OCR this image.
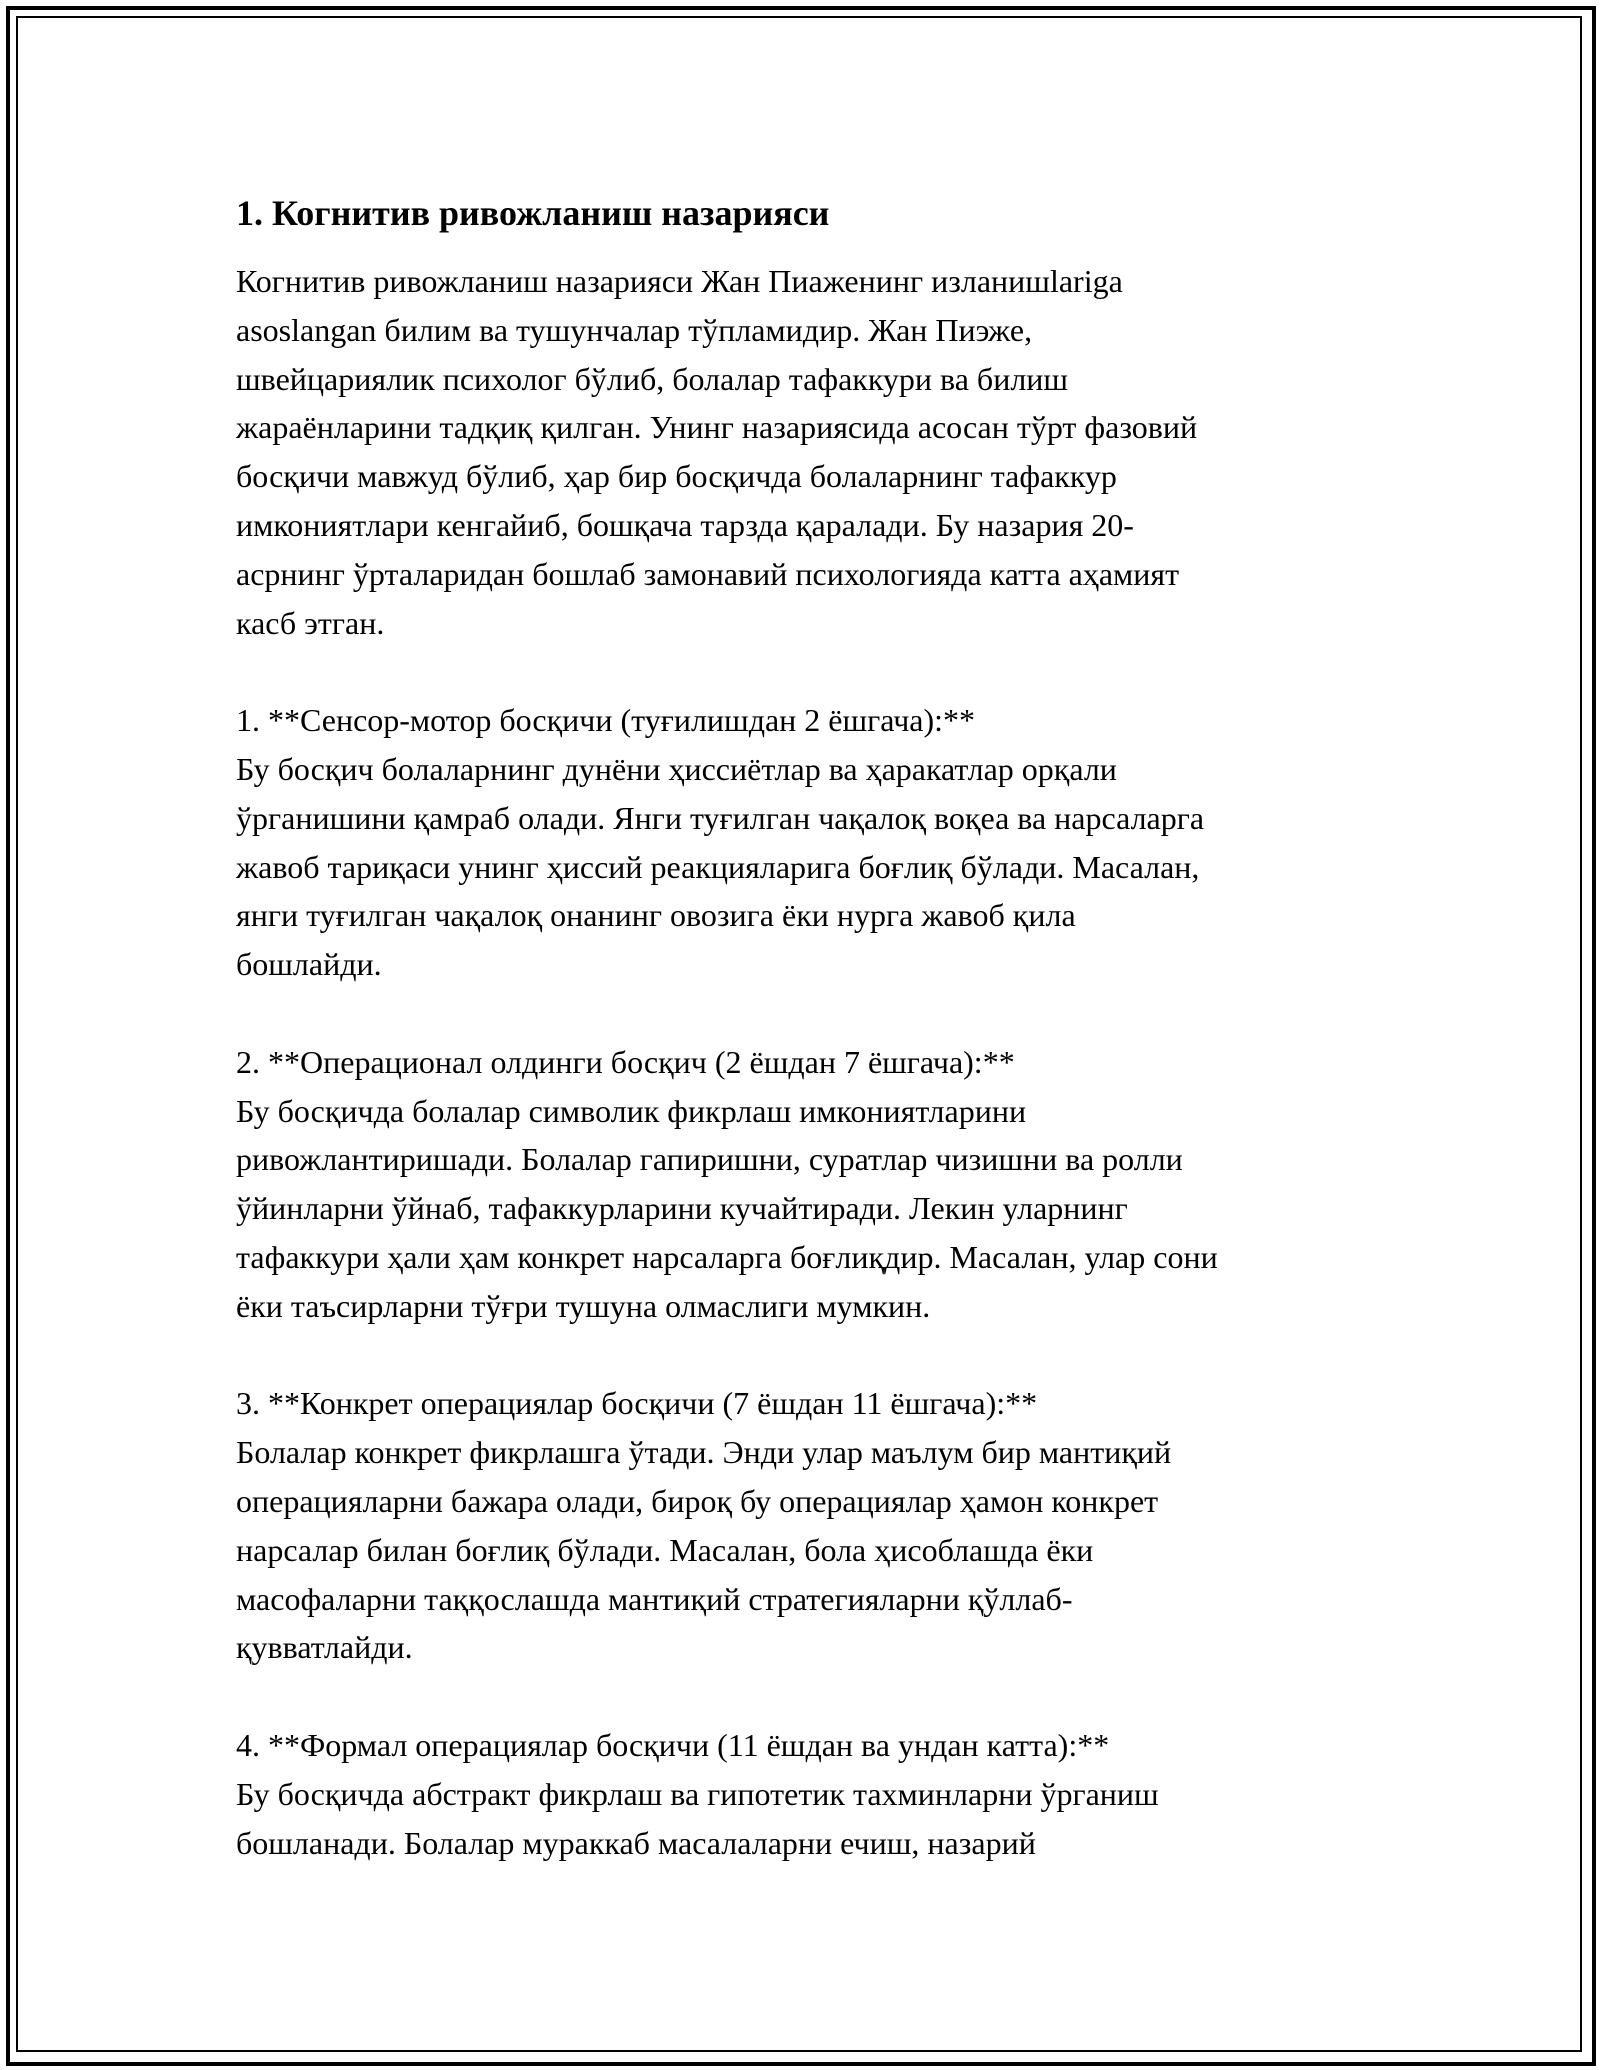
1. Когнитив ривожланиш назарияси

Когнитив ривожланиш назарияси Жан Пиаженинг изланишlariga
asoslangan билим ва тушунчалар тўпламидир. Жан Пиэже,
швейцариялик психолог бўлиб, болалар тафаккури ва билиш
жараёнларини тадқиқ қилган. Унинг назариясида асосан тўрт фазовий
босқичи мавжуд бўлиб, ҳар бир босқичда болаларнинг тафаккур
имкониятлари кенгайиб, бошқача тарзда қаралади. Бу назария 20-
асрнинг ўрталаридан бошлаб замонавий психологияда катта аҳамият
касб этган.

1. **Сенсор-мотор босқичи (туғилишдан 2 ёшгача):**

Бу босқич болаларнинг дунёни ҳиссиётлар ва ҳаракатлар орқали
ўрганишини қамраб олади. Янги туғилган чақалоқ воқеа ва нарсаларга
жавоб тариқаси унинг ҳиссий реакцияларига боғлиқ бўлади. Масалан,
янги туғилган чақалоқ онанинг овозига ёки нурга жавоб қила
бошлайди.

2. **Операционал олдинги босқич (2 ёшдан 7 ёшгача):**

Бу босқичда болалар символик фикрлаш имкониятларини
ривожлантиришади. Болалар гапиришни, суратлар чизишни ва ролли
ўйинларни ўйнаб, тафаккурларини кучайтиради. Лекин уларнинг
тафаккури ҳали ҳам конкрет нарсаларга боғлиқдир. Масалан, улар сони
ёки таъсирларни тўғри тушуна олмаслиги мумкин.

3. **Конкрет операциялар босқичи (7 ёшдан 11 ёшгача):**

Болалар конкрет фикрлашга ўтади. Энди улар маълум бир мантиқий
операцияларни бажара олади, бироқ бу операциялар ҳамон конкрет
нарсалар билан боғлиқ бўлади. Масалан, бола ҳисоблашда ёки
масофаларни таққослашда мантиқий стратегияларни қўллаб-
қувватлайди.

4. **Формал операциялар босқичи (11 ёшдан ва ундан катта):**

Бу босқичда абстракт фикрлаш ва гипотетик тахминларни ўрганиш
бошланади. Болалар мураккаб масалаларни ечиш, назарий
